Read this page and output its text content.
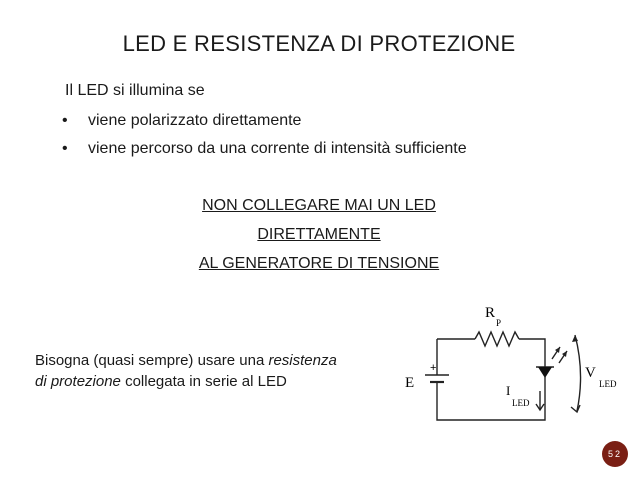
LED E RESISTENZA DI PROTEZIONE
Il LED si illumina se
• viene polarizzato direttamente
• viene percorso da una corrente di intensità sufficiente
NON COLLEGARE MAI UN LED
DIRETTAMENTE
AL GENERATORE DI TENSIONE
Bisogna (quasi sempre) usare una resistenza
di protezione collegata in serie al LED
R
P
+
E	I
LED
V
LED
52
